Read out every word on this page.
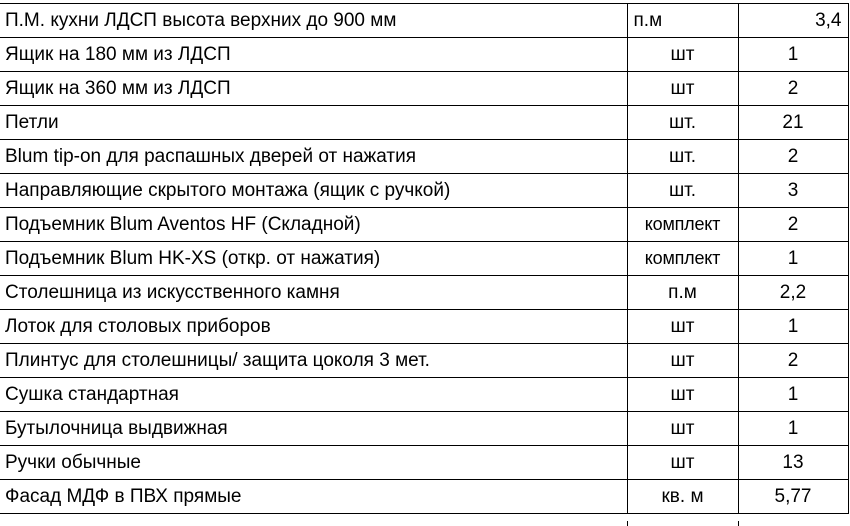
П.М. кухни ЛДСП высота верхних до 900 мм	п.м	3,4
Ящик на 180 мм из ЛДСП	шт	1
Ящик на 360 мм из ЛДСП	шт	2
Петли	шт.	21
Blum tip-on для распашных дверей от нажатия	шт.	2
Направляющие скрытого монтажа (ящик с ручкой)	шт.	3
Подъемник Blum Aventos HF (Складной)	комплект	2
Подъемник Blum HK-XS (откр. от нажатия)	комплект	1
Столешница из искусственного камня	п.м	2,2
Лоток для столовых приборов	шт	1
Плинтус для столешницы/ защита цоколя 3 мет.	шт	2
Сушка стандартная	шт	1
Бутылочница выдвижная	шт	1
Ручки обычные	шт	13
Фасад МДФ в ПВХ прямые	кв. м	5,77
